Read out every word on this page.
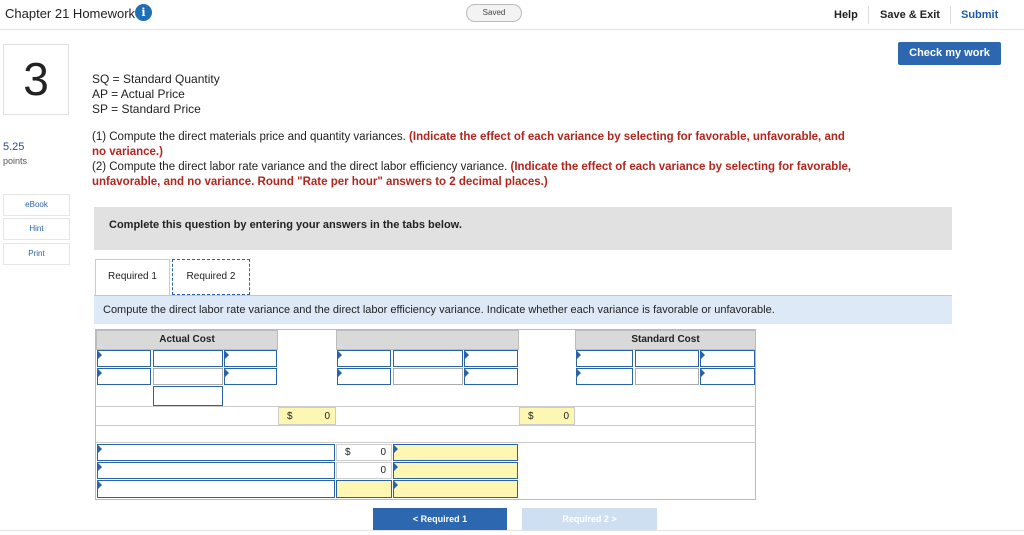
Chapter 21 Homework i	Saved	Help Save & Exit Submit
Check my work
3
5.25
points
eBook
Hint
Print
SQ = Standard Quantity
AP = Actual Price
SP = Standard Price
(1) Compute the direct materials price and quantity variances. (Indicate the effect of each variance by selecting for favorable, unfavorable, and no variance.)
(2) Compute the direct labor rate variance and the direct labor efficiency variance. (Indicate the effect of each variance by selecting for favorable, unfavorable, and no variance. Round "Rate per hour" answers to 2 decimal places.)
Complete this question by entering your answers in the tabs below.
Required 1	Required 2
Compute the direct labor rate variance and the direct labor efficiency variance. Indicate whether each variance is favorable or unfavorable.
Actual Cost	Standard Cost
$	0	$	0
$	0
0
< Required 1	Required 2 >
